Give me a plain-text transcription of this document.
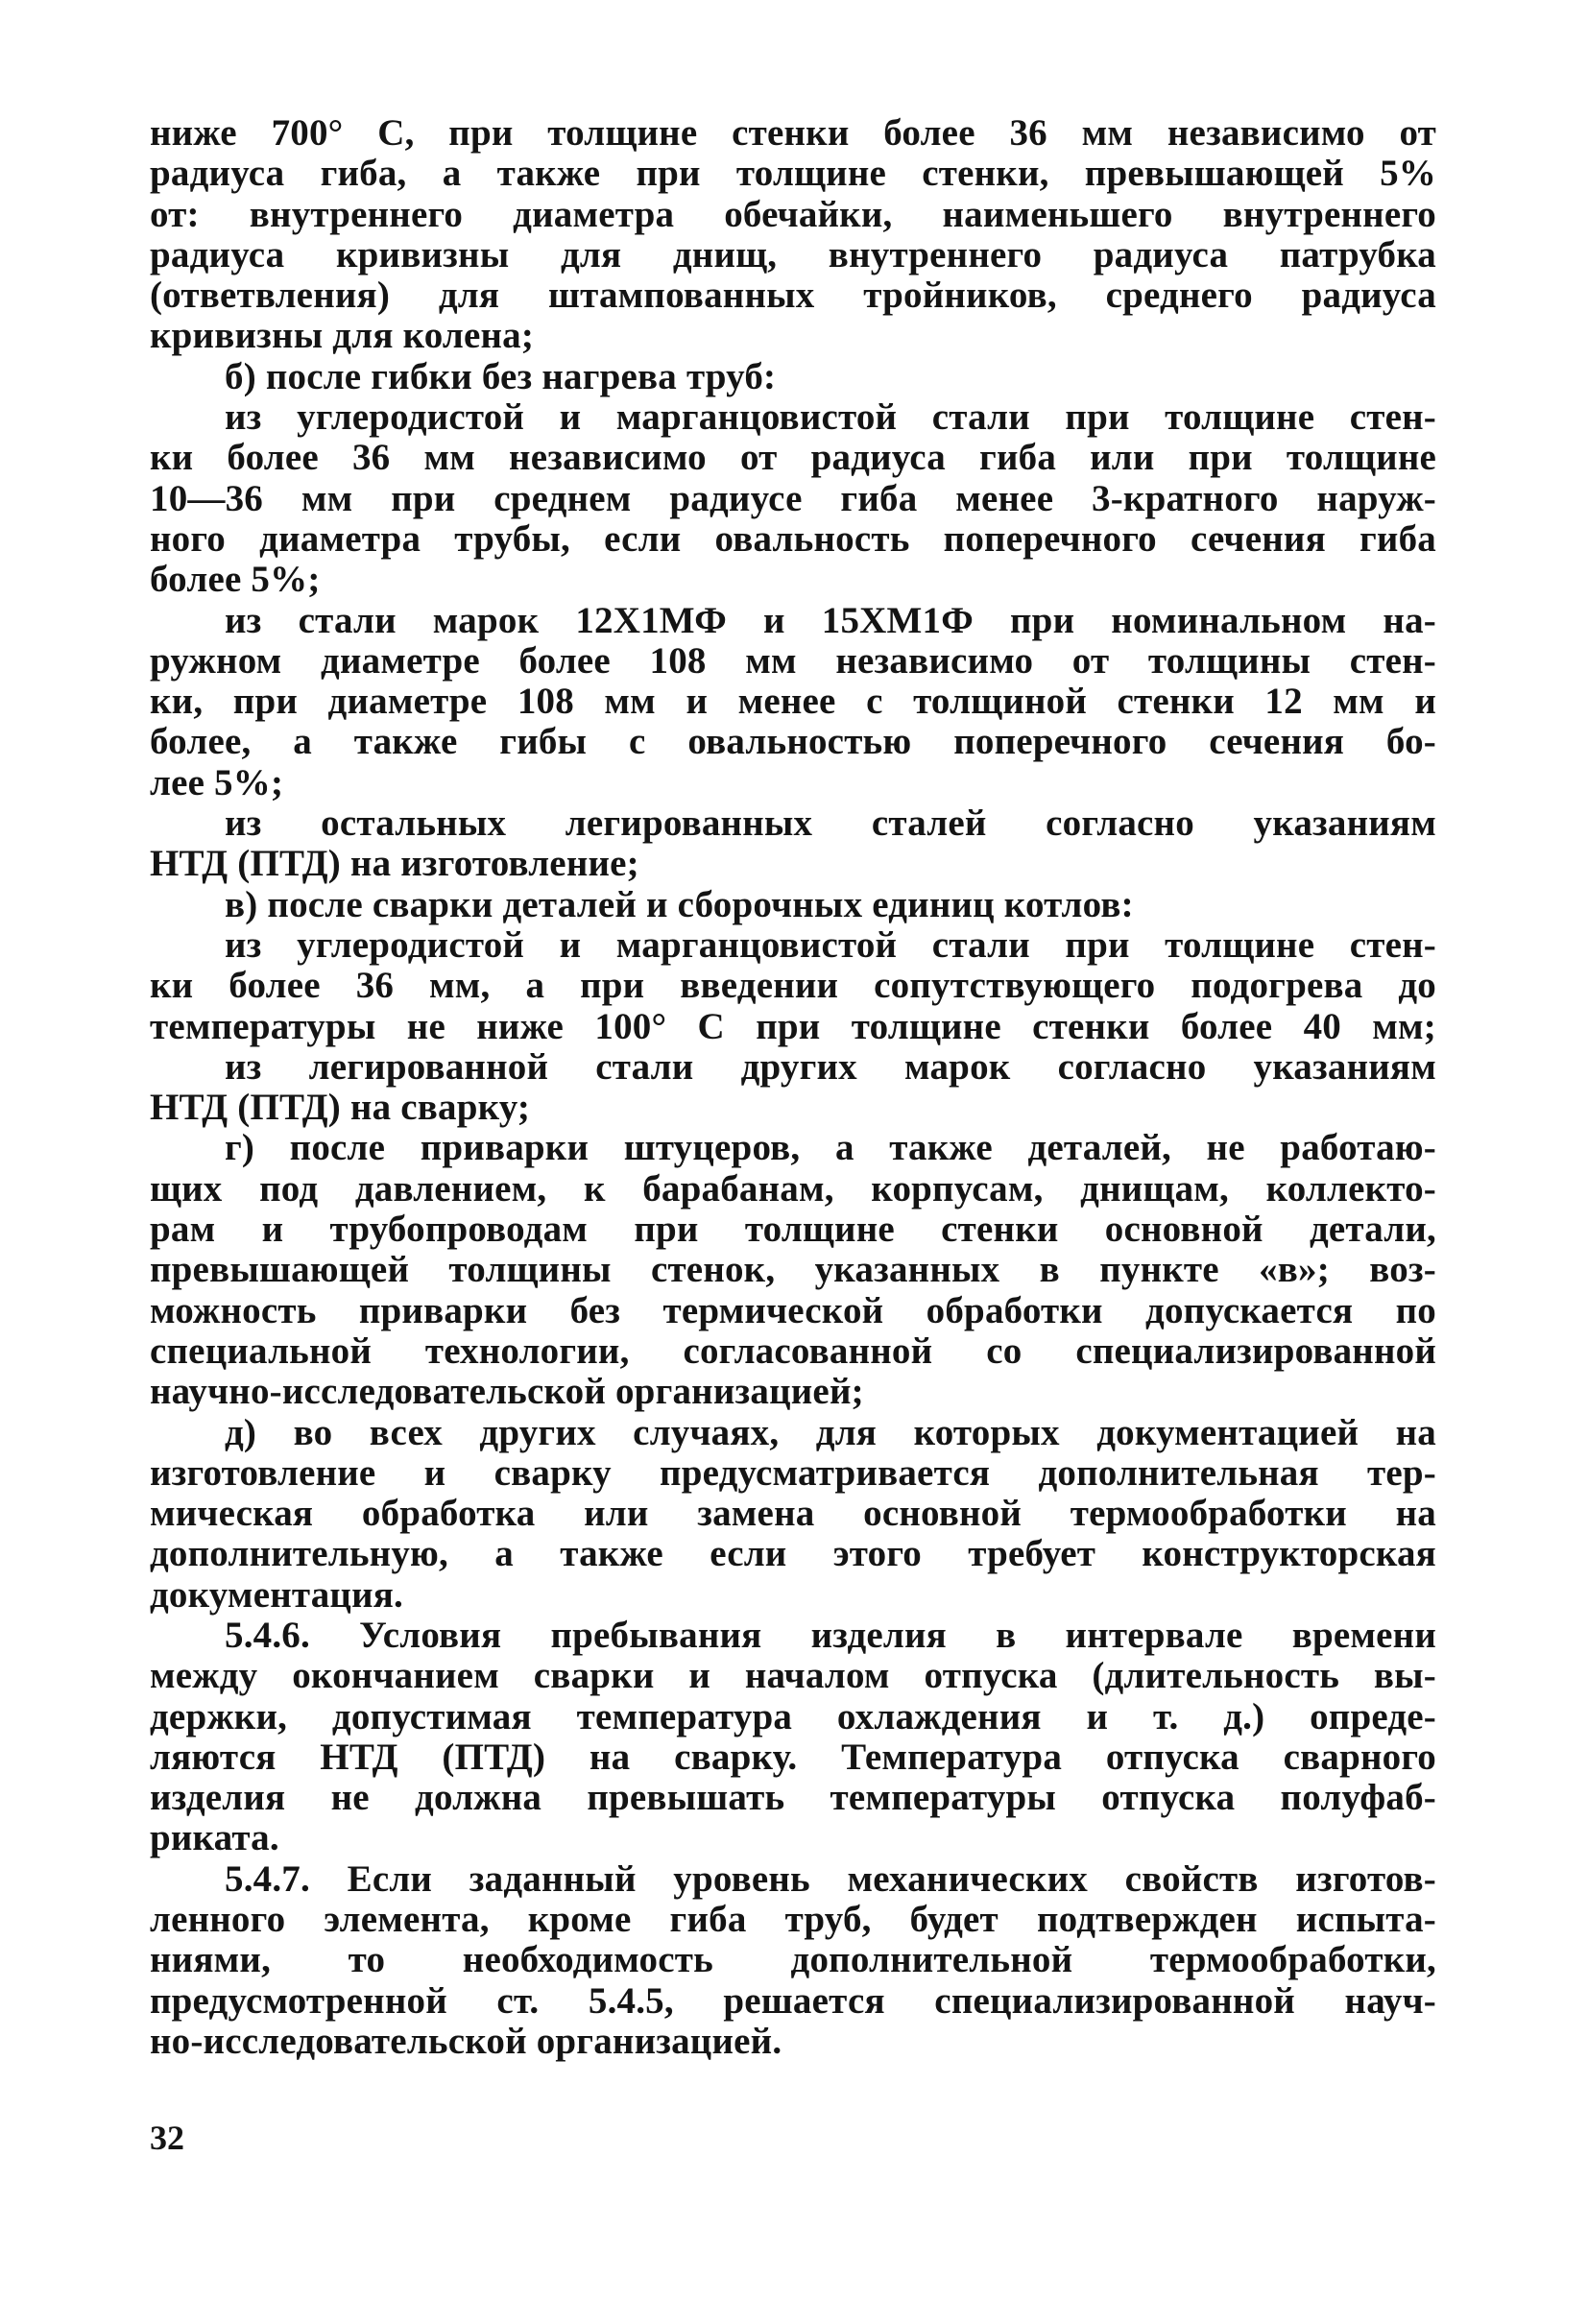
ниже 700° С, при толщине стенки более 36 мм независимо от
радиуса гиба, а также при толщине стенки, превышающей 5%
от: внутреннего диаметра обечайки, наименьшего внутреннего
радиуса кривизны для днищ, внутреннего радиуса патрубка
(ответвления) для штампованных тройников, среднего радиуса
кривизны для колена;
б) после гибки без нагрева труб:
из углеродистой и марганцовистой стали при толщине стен-
ки более 36 мм независимо от радиуса гиба или при толщине
10—36 мм при среднем радиусе гиба менее 3-кратного наруж-
ного диаметра трубы, если овальность поперечного сечения гиба
более 5%;
из стали марок 12Х1МФ и 15ХМ1Ф при номинальном на-
ружном диаметре более 108 мм независимо от толщины стен-
ки, при диаметре 108 мм и менее с толщиной стенки 12 мм и
более, а также гибы с овальностью поперечного сечения бо-
лее 5%;
из остальных легированных сталей согласно указаниям
НТД (ПТД) на изготовление;
в) после сварки деталей и сборочных единиц котлов:
из углеродистой и марганцовистой стали при толщине стен-
ки более 36 мм, а при введении сопутствующего подогрева до
температуры не ниже 100° С при толщине стенки более 40 мм;
из легированной стали других марок согласно указаниям
НТД (ПТД) на сварку;
г) после приварки штуцеров, а также деталей, не работаю-
щих под давлением, к барабанам, корпусам, днищам, коллекто-
рам и трубопроводам при толщине стенки основной детали,
превышающей толщины стенок, указанных в пункте «в»; воз-
можность приварки без термической обработки допускается по
специальной технологии, согласованной со специализированной
научно-исследовательской организацией;
д) во всех других случаях, для которых документацией на
изготовление и сварку предусматривается дополнительная тер-
мическая обработка или замена основной термообработки на
дополнительную, а также если этого требует конструкторская
документация.
5.4.6. Условия пребывания изделия в интервале времени
между окончанием сварки и началом отпуска (длительность вы-
держки, допустимая температура охлаждения и т. д.) опреде-
ляются НТД (ПТД) на сварку. Температура отпуска сварного
изделия не должна превышать температуры отпуска полуфаб-
риката.
5.4.7. Если заданный уровень механических свойств изготов-
ленного элемента, кроме гиба труб, будет подтвержден испыта-
ниями, то необходимость дополнительной термообработки,
предусмотренной ст. 5.4.5, решается специализированной науч-
но-исследовательской организацией.
32
